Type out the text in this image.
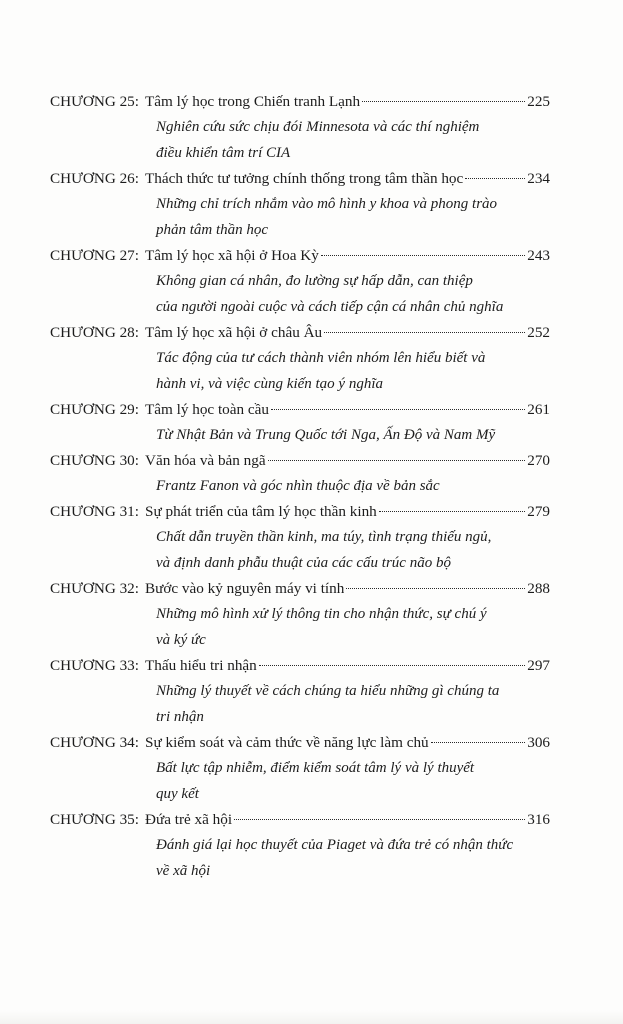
CHƯƠNG 25: Tâm lý học trong Chiến tranh Lạnh	225
Nghiên cứu sức chịu đói Minnesota và các thí nghiệm
điều khiển tâm trí CIA
CHƯƠNG 26: Thách thức tư tưởng chính thống trong tâm thần học	234
Những chỉ trích nhắm vào mô hình y khoa và phong trào
phản tâm thần học
CHƯƠNG 27: Tâm lý học xã hội ở Hoa Kỳ	243
Không gian cá nhân, đo lường sự hấp dẫn, can thiệp
của người ngoài cuộc và cách tiếp cận cá nhân chủ nghĩa
CHƯƠNG 28: Tâm lý học xã hội ở châu Âu	252
Tác động của tư cách thành viên nhóm lên hiểu biết và
hành vi, và việc cùng kiến tạo ý nghĩa
CHƯƠNG 29: Tâm lý học toàn cầu	261
Từ Nhật Bản và Trung Quốc tới Nga, Ấn Độ và Nam Mỹ
CHƯƠNG 30: Văn hóa và bản ngã	270
Frantz Fanon và góc nhìn thuộc địa về bản sắc
CHƯƠNG 31: Sự phát triển của tâm lý học thần kinh	279
Chất dẫn truyền thần kinh, ma túy, tình trạng thiếu ngủ,
và định danh phẫu thuật của các cấu trúc não bộ
CHƯƠNG 32: Bước vào kỷ nguyên máy vi tính	288
Những mô hình xử lý thông tin cho nhận thức, sự chú ý
và ký ức
CHƯƠNG 33: Thấu hiểu tri nhận	297
Những lý thuyết về cách chúng ta hiểu những gì chúng ta
tri nhận
CHƯƠNG 34: Sự kiểm soát và cảm thức về năng lực làm chủ	306
Bất lực tập nhiễm, điểm kiểm soát tâm lý và lý thuyết
quy kết
CHƯƠNG 35: Đứa trẻ xã hội	316
Đánh giá lại học thuyết của Piaget và đứa trẻ có nhận thức
về xã hội
